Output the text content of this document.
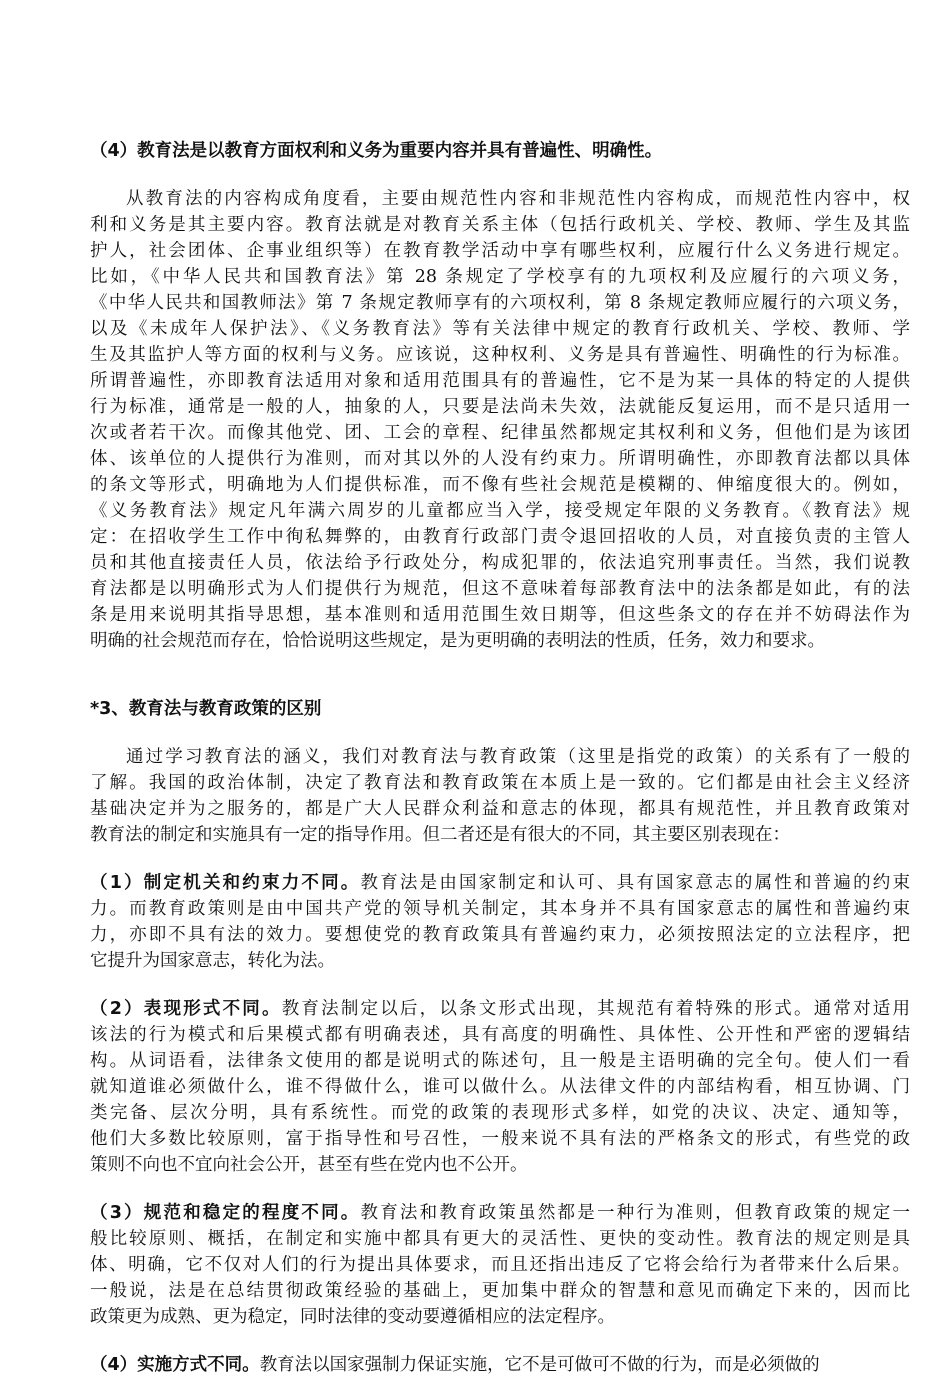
（4）教育法是以教育方面权利和义务为重要内容并具有普遍性、明确性。
从教育法的内容构成角度看，主要由规范性内容和非规范性内容构成，而规范性内容中，权
利和义务是其主要内容。教育法就是对教育关系主体（包括行政机关、学校、教师、学生及其监
护人，社会团体、企事业组织等）在教育教学活动中享有哪些权利，应履行什么义务进行规定。
比如，《中华人民共和国教育法》第 28 条规定了学校享有的九项权利及应履行的六项义务，
《中华人民共和国教师法》第 7 条规定教师享有的六项权利，第 8 条规定教师应履行的六项义务，
以及《未成年人保护法》、《义务教育法》等有关法律中规定的教育行政机关、学校、教师、学
生及其监护人等方面的权利与义务。应该说，这种权利、义务是具有普遍性、明确性的行为标准。
所谓普遍性，亦即教育法适用对象和适用范围具有的普遍性，它不是为某一具体的特定的人提供
行为标准，通常是一般的人，抽象的人，只要是法尚未失效，法就能反复运用，而不是只适用一
次或者若干次。而像其他党、团、工会的章程、纪律虽然都规定其权利和义务，但他们是为该团
体、该单位的人提供行为准则，而对其以外的人没有约束力。所谓明确性，亦即教育法都以具体
的条文等形式，明确地为人们提供标准，而不像有些社会规范是模糊的、伸缩度很大的。例如，
《义务教育法》规定凡年满六周岁的儿童都应当入学，接受规定年限的义务教育。《教育法》规
定：在招收学生工作中徇私舞弊的，由教育行政部门责令退回招收的人员，对直接负责的主管人
员和其他直接责任人员，依法给予行政处分，构成犯罪的，依法追究刑事责任。当然，我们说教
育法都是以明确形式为人们提供行为规范，但这不意味着每部教育法中的法条都是如此，有的法
条是用来说明其指导思想，基本准则和适用范围生效日期等，但这些条文的存在并不妨碍法作为
明确的社会规范而存在，恰恰说明这些规定，是为更明确的表明法的性质，任务，效力和要求。
*3、教育法与教育政策的区别
通过学习教育法的涵义，我们对教育法与教育政策（这里是指党的政策）的关系有了一般的
了解。我国的政治体制，决定了教育法和教育政策在本质上是一致的。它们都是由社会主义经济
基础决定并为之服务的，都是广大人民群众利益和意志的体现，都具有规范性，并且教育政策对
教育法的制定和实施具有一定的指导作用。但二者还是有很大的不同，其主要区别表现在：
（1）制定机关和约束力不同。教育法是由国家制定和认可、具有国家意志的属性和普遍的约束
力。而教育政策则是由中国共产党的领导机关制定，其本身并不具有国家意志的属性和普遍约束
力，亦即不具有法的效力。要想使党的教育政策具有普遍约束力，必须按照法定的立法程序，把
它提升为国家意志，转化为法。
（2）表现形式不同。教育法制定以后，以条文形式出现，其规范有着特殊的形式。通常对适用
该法的行为模式和后果模式都有明确表述，具有高度的明确性、具体性、公开性和严密的逻辑结
构。从词语看，法律条文使用的都是说明式的陈述句，且一般是主语明确的完全句。使人们一看
就知道谁必须做什么，谁不得做什么，谁可以做什么。从法律文件的内部结构看，相互协调、门
类完备、层次分明，具有系统性。而党的政策的表现形式多样，如党的决议、决定、通知等，
他们大多数比较原则，富于指导性和号召性，一般来说不具有法的严格条文的形式，有些党的政
策则不向也不宜向社会公开，甚至有些在党内也不公开。
（3）规范和稳定的程度不同。教育法和教育政策虽然都是一种行为准则，但教育政策的规定一
般比较原则、概括，在制定和实施中都具有更大的灵活性、更快的变动性。教育法的规定则是具
体、明确，它不仅对人们的行为提出具体要求，而且还指出违反了它将会给行为者带来什么后果。
一般说，法是在总结贯彻政策经验的基础上，更加集中群众的智慧和意见而确定下来的，因而比
政策更为成熟、更为稳定，同时法律的变动要遵循相应的法定程序。
（4）实施方式不同。教育法以国家强制力保证实施，它不是可做可不做的行为，而是必须做的
